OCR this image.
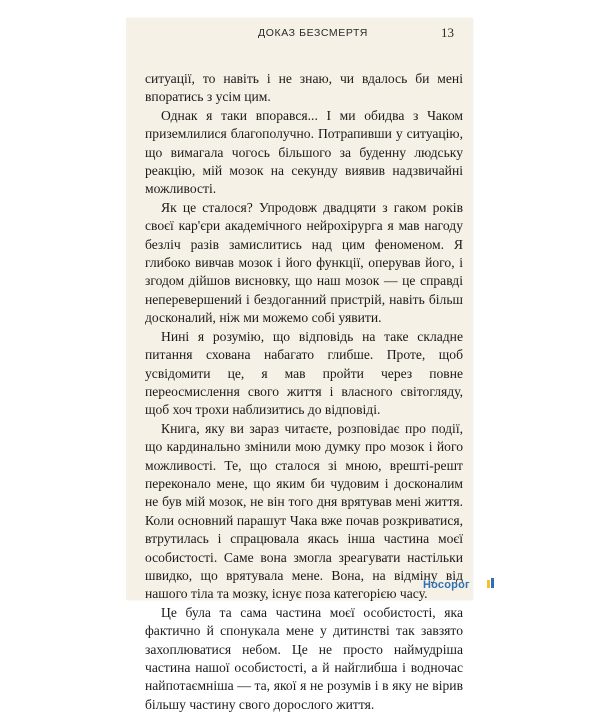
ДОКАЗ БЕЗСМЕРТЯ	13

ситуації, то навіть і не знаю, чи вдалось би мені впоратись з усім цим.

Однак я таки впорався... І ми обидва з Чаком приземлилися благополучно. Потрапивши у ситуацію, що вимагала чогось більшого за буденну людську реакцію, мій мозок на секунду виявив надзвичайні можливості.

Як це сталося? Упродовж двадцяти з гаком років своєї кар'єри академічного нейрохірурга я мав нагоду безліч разів замислитись над цим феноменом. Я глибоко вивчав мозок і його функції, оперував його, і згодом дійшов висновку, що наш мозок — це справді неперевершений і бездоганний пристрій, навіть більш досконалий, ніж ми можемо собі уявити.

Нині я розумію, що відповідь на таке складне питання схована набагато глибше. Проте, щоб усвідомити це, я мав пройти через повне переосмислення свого життя і власного світогляду, щоб хоч трохи наблизитись до відповіді.

Книга, яку ви зараз читаєте, розповідає про події, що кардинально змінили мою думку про мозок і його можливості. Те, що сталося зі мною, врешті-решт переконало мене, що яким би чудовим і досконалим не був мій мозок, не він того дня врятував мені життя. Коли основний парашут Чака вже почав розкриватися, втрутилась і спрацювала якась інша частина моєї особистості. Саме вона змогла зреагувати настільки швидко, що врятувала мене. Вона, на відміну від нашого тіла та мозку, існує поза категорією часу.

Це була та сама частина моєї особистості, яка фактично й спонукала мене у дитинстві так завзято захоплюватися небом. Це не просто наймудріша частина нашої особистості, а й найглибша і водночас найпотаємніша — та, якої я не розумів і в яку не вірив більшу частину свого дорослого життя.

Носорог
